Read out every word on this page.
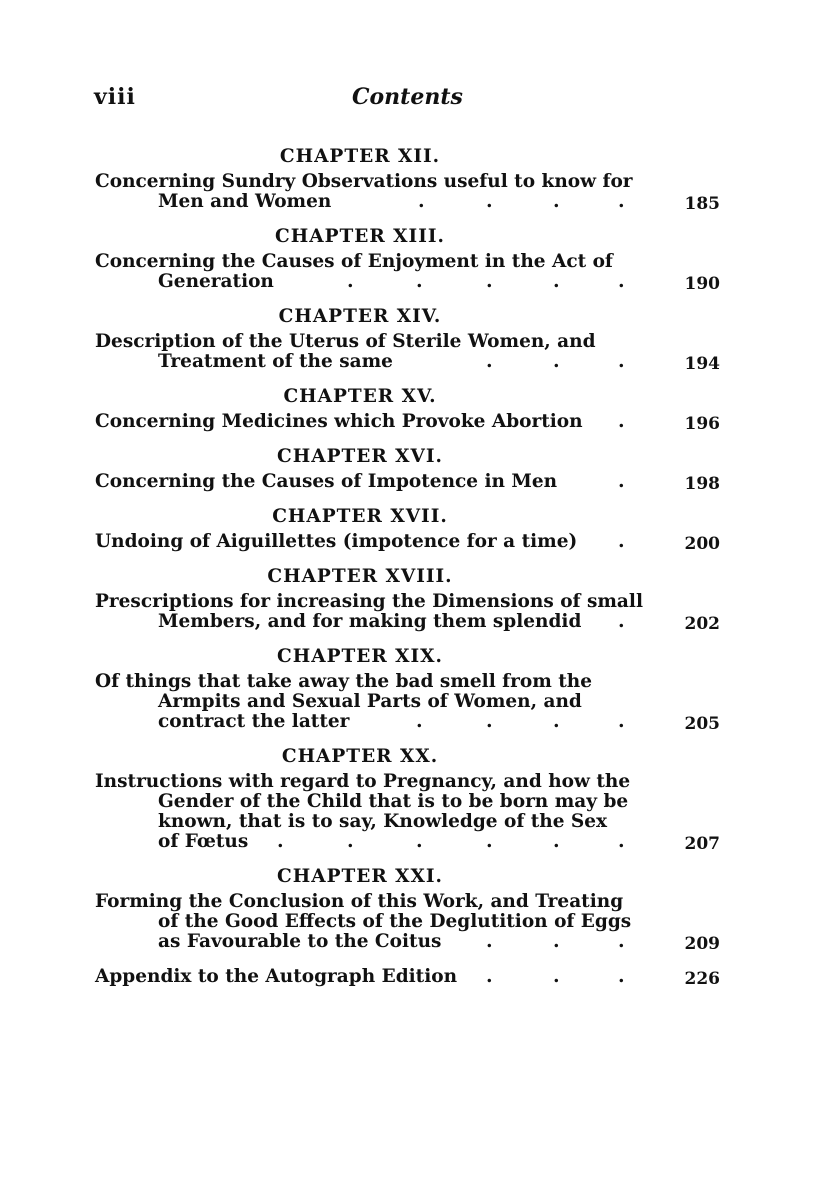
viii	Contents
CHAPTER XII.
Concerning Sundry Observations useful to know for
Men and Women	.	.	.	.	185
CHAPTER XIII.
Concerning the Causes of Enjoyment in the Act of
Generation	.	.	.	.	.	190
CHAPTER XIV.
Description of the Uterus of Sterile Women, and
Treatment of the same	.	.	.	194
CHAPTER XV.
Concerning Medicines which Provoke Abortion .	196
CHAPTER XVI.
Concerning the Causes of Impotence in Men	.	198
CHAPTER XVII.
Undoing of Aiguillettes (impotence for a time) .	200
CHAPTER XVIII.
Prescriptions for increasing the Dimensions of small
Members, and for making them splendid .	202
CHAPTER XIX.
Of things that take away the bad smell from the
Armpits and Sexual Parts of Women, and
contract the latter	.	.	.	.	205
CHAPTER XX.
Instructions with regard to Pregnancy, and how the
Gender of the Child that is to be born may be
known, that is to say, Knowledge of the Sex
of Fœtus .	.	.	.	.	.	207
CHAPTER XXI.
Forming the Conclusion of this Work, and Treating
of the Good Effects of the Deglutition of Eggs
as Favourable to the Coitus .	.	.	209
Appendix to the Autograph Edition .	.	.	226
